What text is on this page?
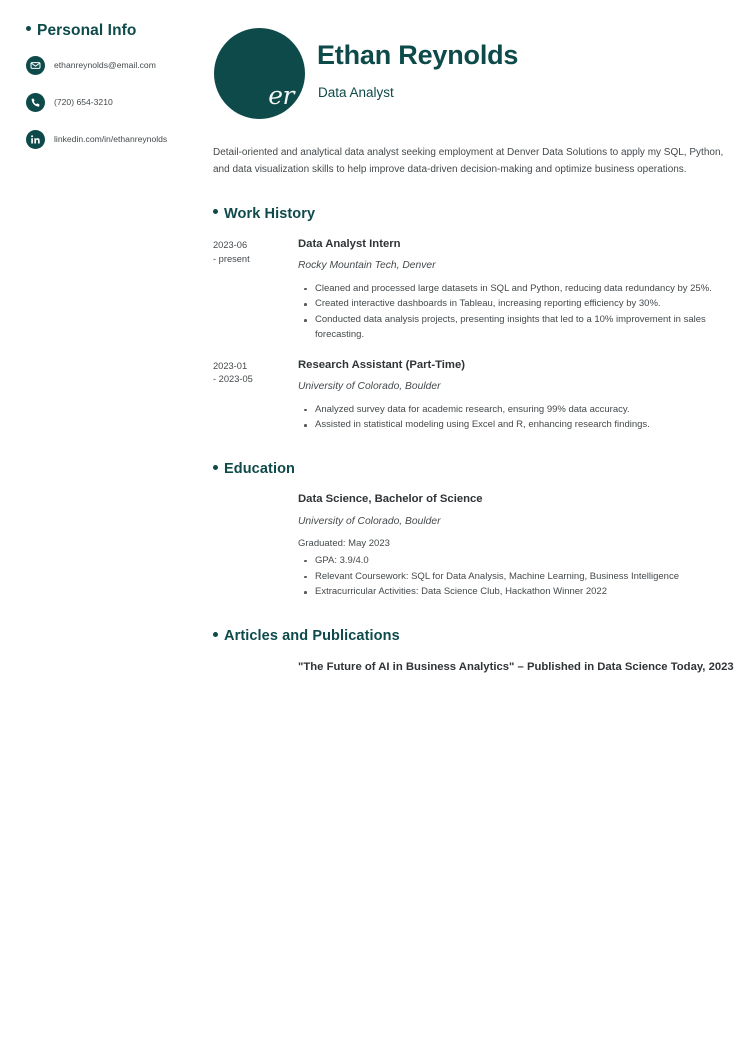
Personal Info
ethanreynolds@email.com
(720) 654-3210
linkedin.com/in/ethanreynolds
er
Ethan Reynolds
Data Analyst

Detail-oriented and analytical data analyst seeking employment at Denver Data Solutions to apply my SQL, Python, and data visualization skills to help improve data-driven decision-making and optimize business operations.

Work History
2023-06
- present
Data Analyst Intern
Rocky Mountain Tech, Denver
Cleaned and processed large datasets in SQL and Python, reducing data redundancy by 25%.
Created interactive dashboards in Tableau, increasing reporting efficiency by 30%.
Conducted data analysis projects, presenting insights that led to a 10% improvement in sales forecasting.
2023-01
- 2023-05
Research Assistant (Part-Time)
University of Colorado, Boulder
Analyzed survey data for academic research, ensuring 99% data accuracy.
Assisted in statistical modeling using Excel and R, enhancing research findings.
Education
Data Science, Bachelor of Science
University of Colorado, Boulder
Graduated: May 2023
GPA: 3.9/4.0
Relevant Coursework: SQL for Data Analysis, Machine Learning, Business Intelligence
Extracurricular Activities: Data Science Club, Hackathon Winner 2022
Articles and Publications
"The Future of AI in Business Analytics" – Published in Data Science Today, 2023
